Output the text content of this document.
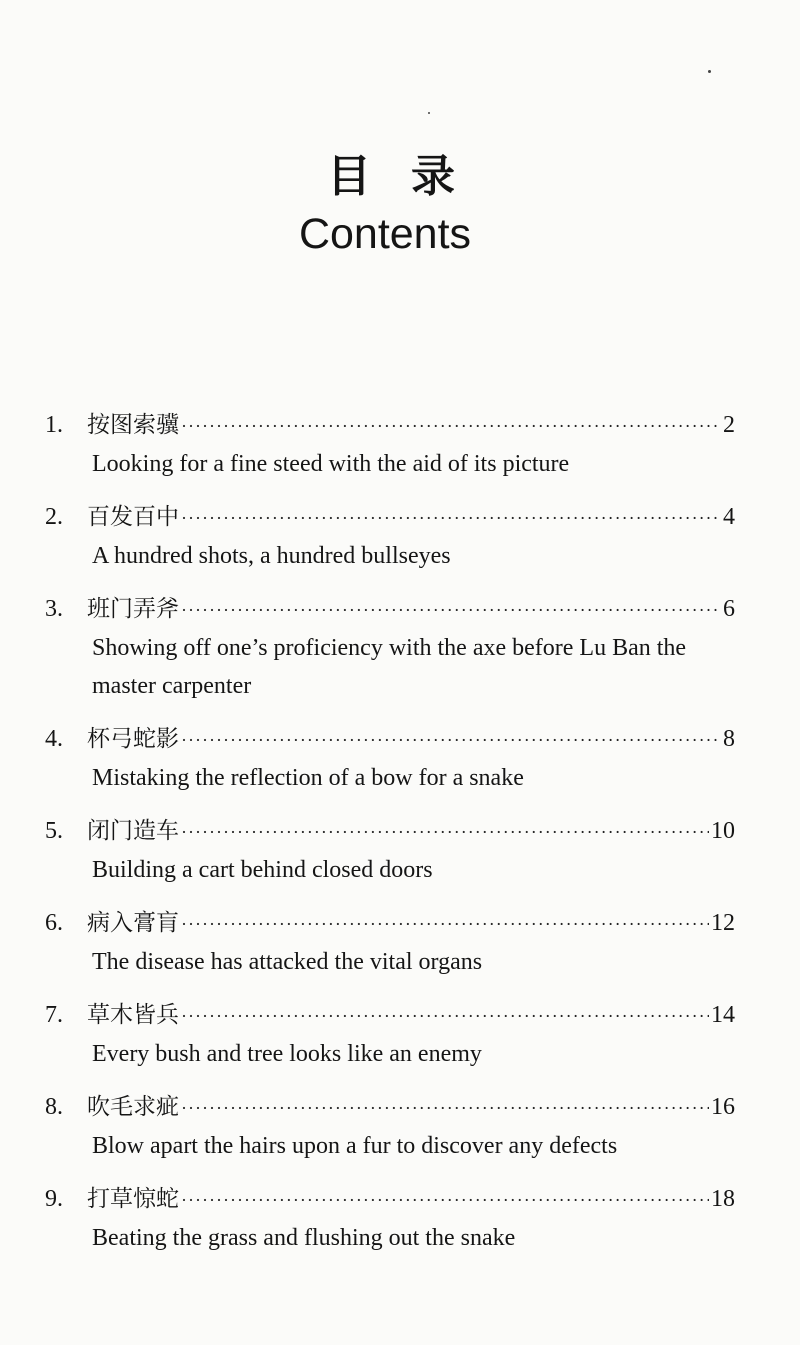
目录
Contents
1.	按图索骥 ·····	2
Looking for a fine steed with the aid of its picture
2.	百发百中 ·····	4
A hundred shots, a hundred bullseyes
3.	班门弄斧 ·····	6
Showing off one’s proficiency with the axe before Lu Ban the master carpenter
4.	杯弓蛇影 ·····	8
Mistaking the reflection of a bow for a snake
5.	闭门造车 ·····	10
Building a cart behind closed doors
6.	病入膏肓 ·····	12
The disease has attacked the vital organs
7.	草木皆兵 ·····	14
Every bush and tree looks like an enemy
8.	吹毛求疵 ·····	16
Blow apart the hairs upon a fur to discover any defects
9.	打草惊蛇 ·····	18
Beating the grass and flushing out the snake
